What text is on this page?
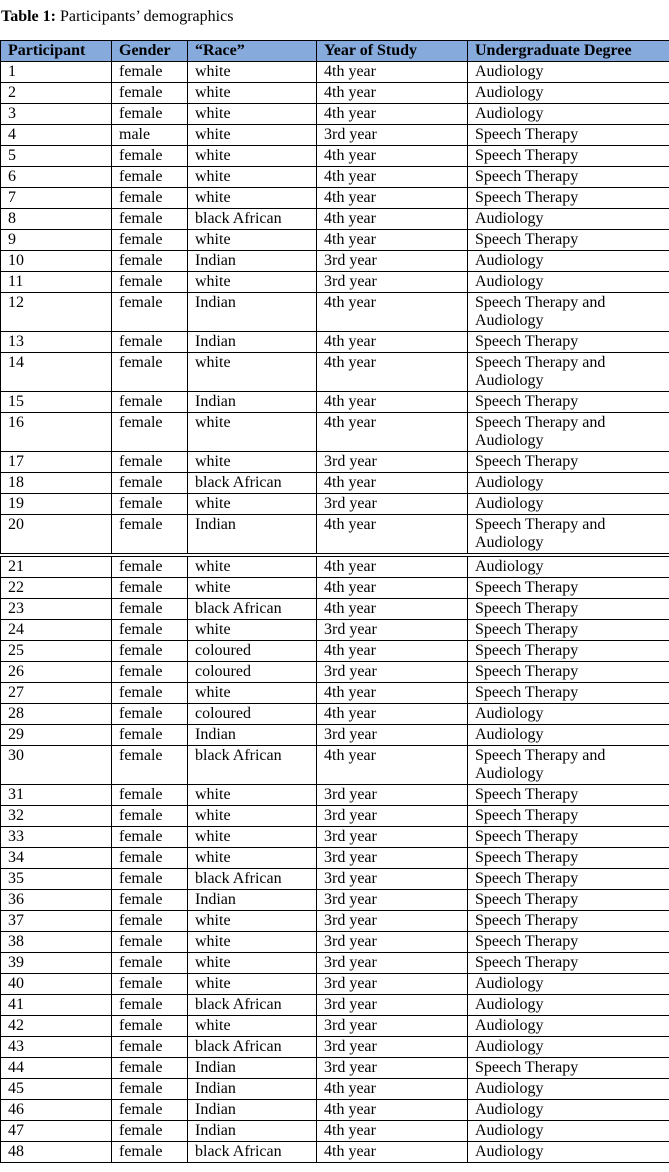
Table 1: Participants’ demographics
Participant	Gender	“Race”	Year of Study	Undergraduate Degree
1	female	white	4th year	Audiology
2	female	white	4th year	Audiology
3	female	white	4th year	Audiology
4	male	white	3rd year	Speech Therapy
5	female	white	4th year	Speech Therapy
6	female	white	4th year	Speech Therapy
7	female	white	4th year	Speech Therapy
8	female	black African	4th year	Audiology
9	female	white	4th year	Speech Therapy
10	female	Indian	3rd year	Audiology
11	female	white	3rd year	Audiology
12	female	Indian	4th year	Speech Therapy and Audiology
13	female	Indian	4th year	Speech Therapy
14	female	white	4th year	Speech Therapy and Audiology
15	female	Indian	4th year	Speech Therapy
16	female	white	4th year	Speech Therapy and Audiology
17	female	white	3rd year	Speech Therapy
18	female	black African	4th year	Audiology
19	female	white	3rd year	Audiology
20	female	Indian	4th year	Speech Therapy and Audiology
21	female	white	4th year	Audiology
22	female	white	4th year	Speech Therapy
23	female	black African	4th year	Speech Therapy
24	female	white	3rd year	Speech Therapy
25	female	coloured	4th year	Speech Therapy
26	female	coloured	3rd year	Speech Therapy
27	female	white	4th year	Speech Therapy
28	female	coloured	4th year	Audiology
29	female	Indian	3rd year	Audiology
30	female	black African	4th year	Speech Therapy and Audiology
31	female	white	3rd year	Speech Therapy
32	female	white	3rd year	Speech Therapy
33	female	white	3rd year	Speech Therapy
34	female	white	3rd year	Speech Therapy
35	female	black African	3rd year	Speech Therapy
36	female	Indian	3rd year	Speech Therapy
37	female	white	3rd year	Speech Therapy
38	female	white	3rd year	Speech Therapy
39	female	white	3rd year	Speech Therapy
40	female	white	3rd year	Audiology
41	female	black African	3rd year	Audiology
42	female	white	3rd year	Audiology
43	female	black African	3rd year	Audiology
44	female	Indian	3rd year	Speech Therapy
45	female	Indian	4th year	Audiology
46	female	Indian	4th year	Audiology
47	female	Indian	4th year	Audiology
48	female	black African	4th year	Audiology
